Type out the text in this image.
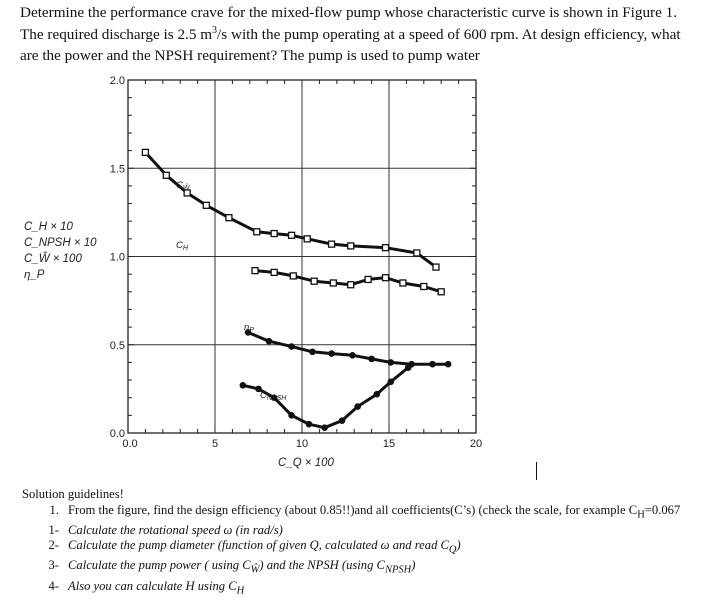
Determine the performance crave for the mixed-flow pump whose characteristic curve is shown in Figure 1. The required discharge is 2.5 $m^3/s$ with the pump operating at a speed of 600 rpm. At design efficiency, what are the power and the NPSH requirement? The pump is used to pump water

0.0	5	10	15	20
0.0
0.5
1.0
1.5
2.0
C_Q × 100
C_H × 10
C_NPSH × 10
C_Ŵ × 100
η_P
$C_Ŵ$
$C_H$
$\eta_P$
$C_{NPSH}$

Solution guidelines!

1. From the figure, find the design efficiency (about 0.85!!)and all coefficients(C’s) (check the scale, for example $C_H=0.067$
1- Calculate the rotational speed ω (in rad/s)
2- Calculate the pump diameter (function of given Q, calculated ω and read $C_Q$)
3- Calculate the pump power ( using $C_Ŵ$) and the NPSH (using $C_{NPSH}$)
4- Also you can calculate H using $C_H$
